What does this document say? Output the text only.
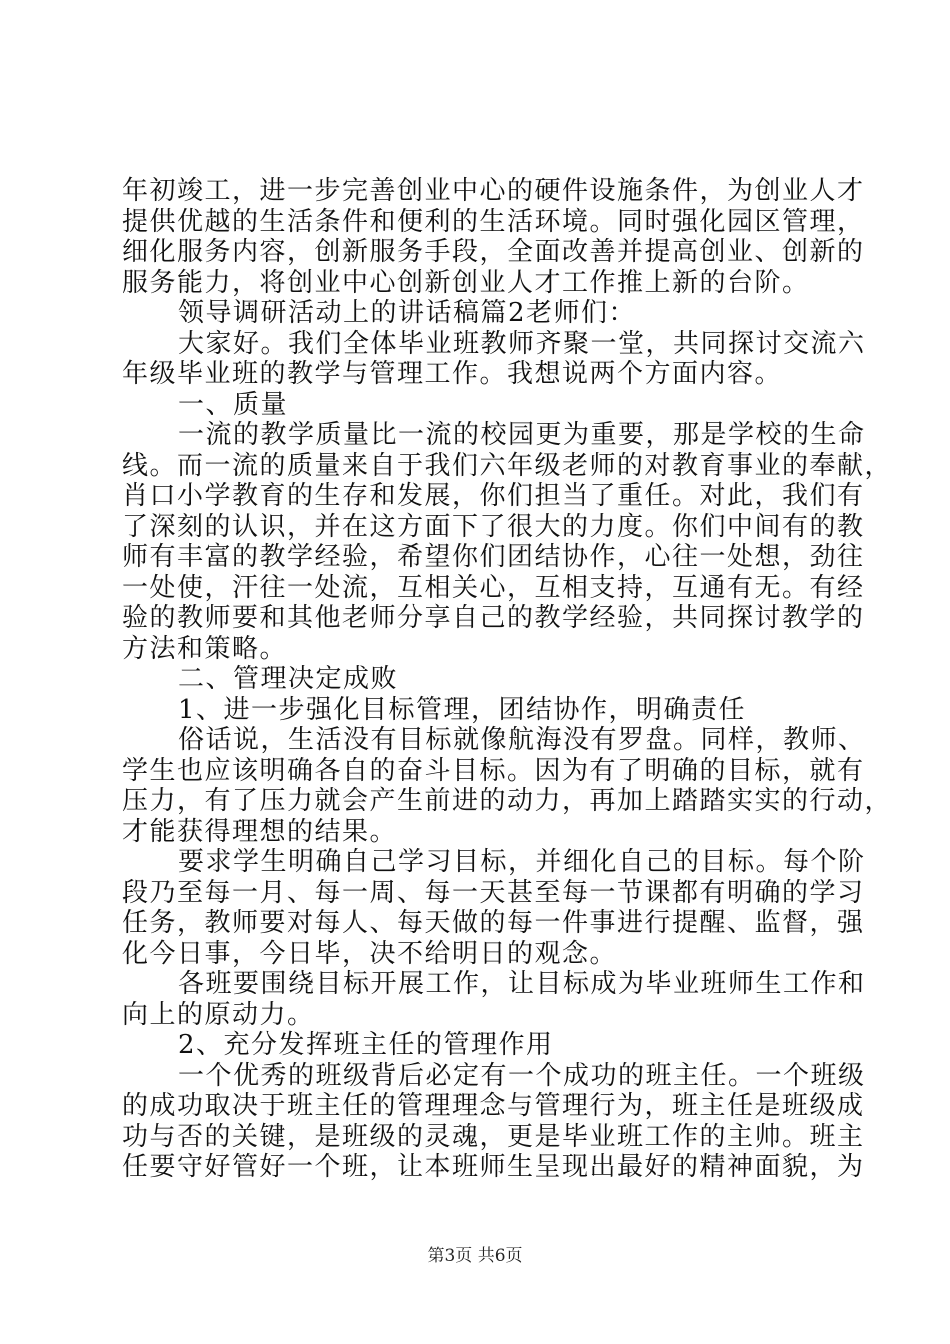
年初竣工，进一步完善创业中心的硬件设施条件，为创业人才
提供优越的生活条件和便利的生活环境。同时强化园区管理，
细化服务内容，创新服务手段，全面改善并提高创业、创新的
服务能力，将创业中心创新创业人才工作推上新的台阶。
领导调研活动上的讲话稿篇2老师们：
大家好。我们全体毕业班教师齐聚一堂，共同探讨交流六
年级毕业班的教学与管理工作。我想说两个方面内容。
一、质量
一流的教学质量比一流的校园更为重要，那是学校的生命
线。而一流的质量来自于我们六年级老师的对教育事业的奉献，
肖口小学教育的生存和发展，你们担当了重任。对此，我们有
了深刻的认识，并在这方面下了很大的力度。你们中间有的教
师有丰富的教学经验，希望你们团结协作，心往一处想，劲往
一处使，汗往一处流，互相关心，互相支持，互通有无。有经
验的教师要和其他老师分享自己的教学经验，共同探讨教学的
方法和策略。
二、管理决定成败
1、进一步强化目标管理，团结协作，明确责任
俗话说，生活没有目标就像航海没有罗盘。同样，教师、
学生也应该明确各自的奋斗目标。因为有了明确的目标，就有
压力，有了压力就会产生前进的动力，再加上踏踏实实的行动，
才能获得理想的结果。
要求学生明确自己学习目标，并细化自己的目标。每个阶
段乃至每一月、每一周、每一天甚至每一节课都有明确的学习
任务，教师要对每人、每天做的每一件事进行提醒、监督，强
化今日事，今日毕，决不给明日的观念。
各班要围绕目标开展工作，让目标成为毕业班师生工作和
向上的原动力。
2、充分发挥班主任的管理作用
一个优秀的班级背后必定有一个成功的班主任。一个班级
的成功取决于班主任的管理理念与管理行为，班主任是班级成
功与否的关键，是班级的灵魂，更是毕业班工作的主帅。班主
任要守好管好一个班，让本班师生呈现出最好的精神面貌，为
第3页 共6页
